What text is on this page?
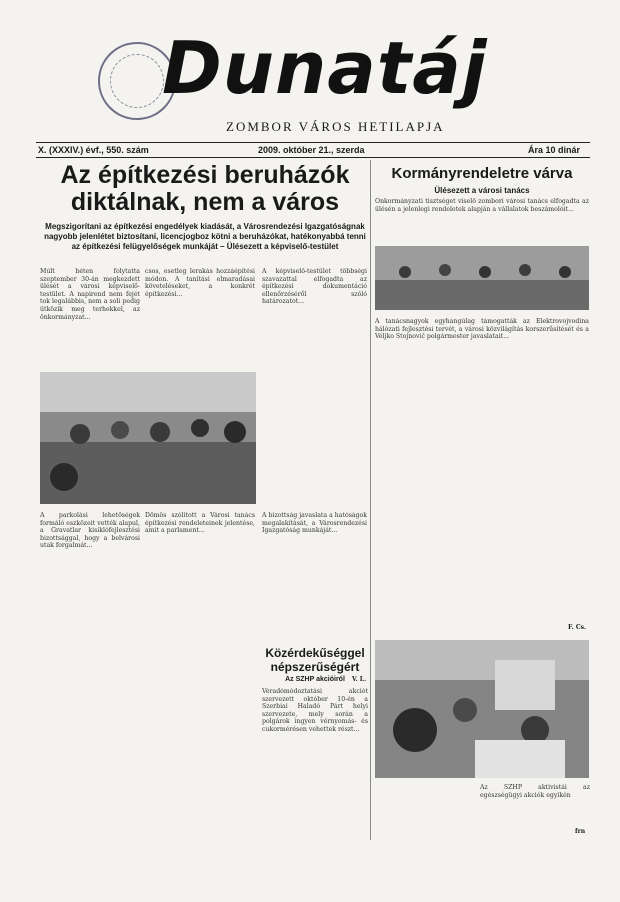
Dunatáj
ZOMBOR VÁROS HETILAPJA
X. (XXXIV.) évf., 550. szám	2009. október 21., szerda	Ára 10 dinár
Az építkezési beruházók diktálnak, nem a város
Megszigorítani az építkezési engedélyek kiadását, a Városrendezési Igazgatóságnak nagyobb jelenlétet biztosítani, licencjogboz kötni a beruházókat, hatékonyabbá tenni az építkezési felügyelőségek munkáját – Ülésezett a képviselő-testület
Múlt héten folytatta szeptember 30-án megkezdett ülését a városi képviselő-testület. A napirend nem fejét tok legalábbis, nem a soli pedig ütközik meg terhekkel, az önkormányzat...
csos, esetleg lerakás hozzáépítési módon. A tanítási elmaradásai követeléseket, a konkrét építkezési...
A képviselő-testület többségi szavazattal elfogadta az építkezési dokumentáció ellenőrzéséről szóló határozatot...
A parkolási lehetőségek formáló eszközeit vették alapul, a Gravatlar kisiklófejlesztési bizottsággal, hogy a belvárosi utak forgalmát...
Dömös szólított a Városi tanács építkezési rendeleteinek jelentése, amit a parlament...
A bizottság javaslata a hatóságok megalakítását, a Városrendezési Igazgatóság munkáját...
V. L.
Kormányrendeletre várva
Ülésezett a városi tanács
Önkormányzati tisztséget viselő zombori városi tanács elfogadta az ülésén a jelenlegi rendeletek alapján a vállalatok beszámolóit...
A tanácsnagyok egyhangúlag támogatták az Elektrovojvodina hálózati fejlesztési tervét, a városi közvilágítás korszerűsítését és a Véljko Stojnović polgármester javaslatait...
F. Cs.
Közérdekűséggel népszerűségért
Az SZHP akcióiról
Véradómódoztatási akciót szervezett október 10-én a Szerbiai Haladó Párt helyi szervezete, mely során a polgárok ingyen vérnyomás- és cukormérésen vehettek részt...
Az SZHP aktivistái az egészségügyi akciók egyikén
frn
